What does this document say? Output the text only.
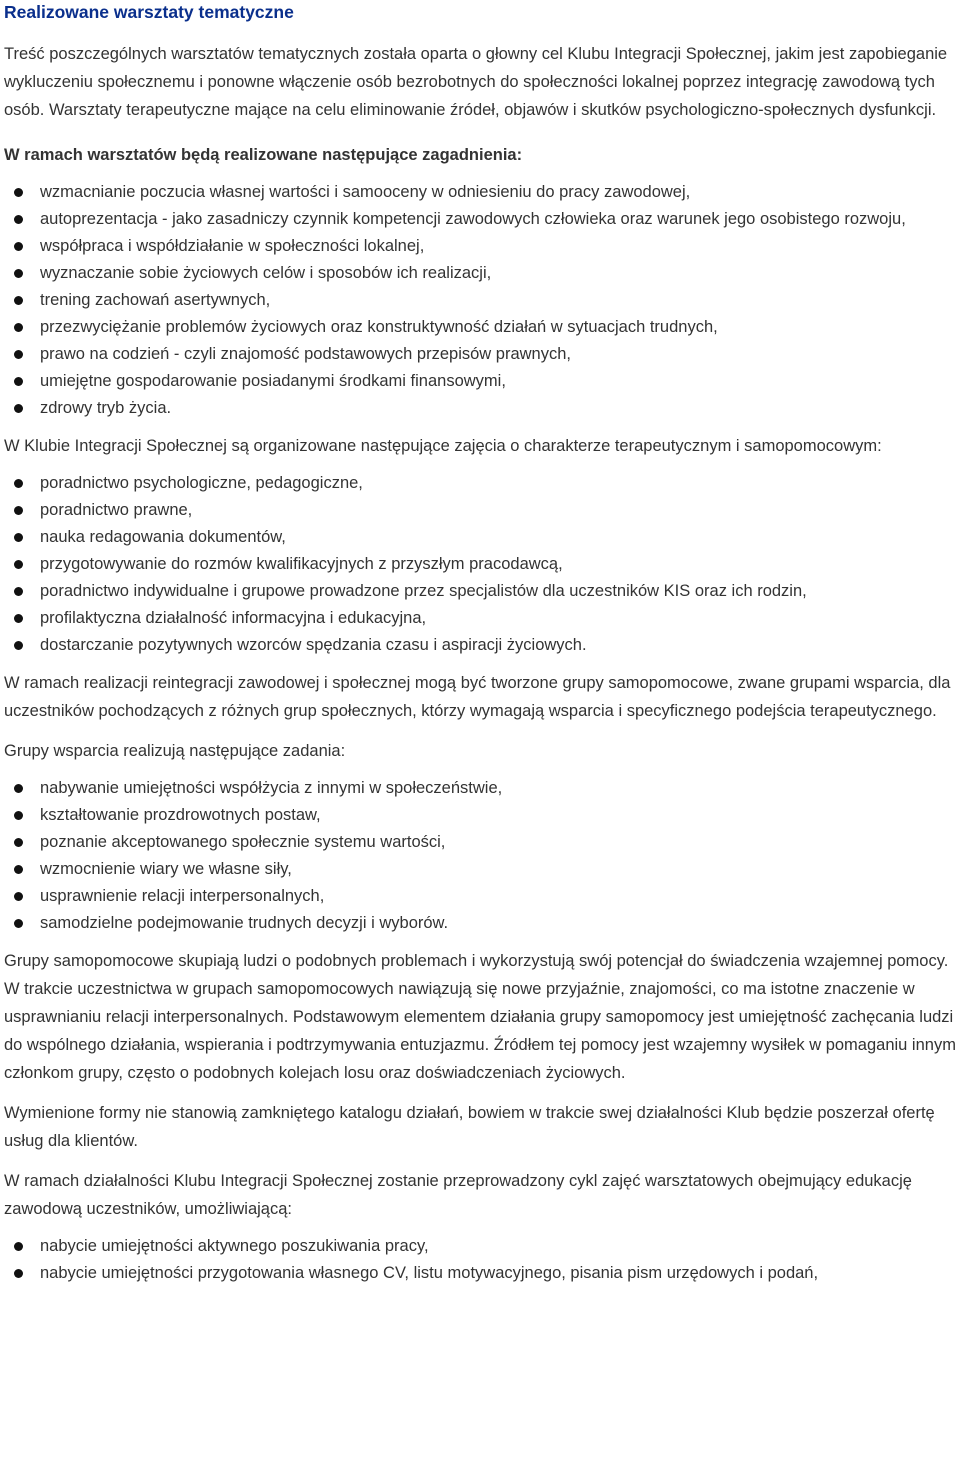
Realizowane warsztaty tematyczne

Treść poszczególnych warsztatów tematycznych została oparta o głowny cel Klubu Integracji Społecznej, jakim jest zapobieganie wykluczeniu społecznemu i ponowne włączenie osób bezrobotnych do społeczności lokalnej poprzez integrację zawodową tych osób. Warsztaty terapeutyczne mające na celu eliminowanie źródeł, objawów i skutków psychologiczno-społecznych dysfunkcji.

W ramach warsztatów będą realizowane następujące zagadnienia:

wzmacnianie poczucia własnej wartości i samooceny w odniesieniu do pracy zawodowej,
autoprezentacja - jako zasadniczy czynnik kompetencji zawodowych człowieka oraz warunek jego osobistego rozwoju,
współpraca i współdziałanie w społeczności lokalnej,
wyznaczanie sobie życiowych celów i sposobów ich realizacji,
trening zachowań asertywnych,
przezwyciężanie problemów życiowych oraz konstruktywność działań w sytuacjach trudnych,
prawo na codzień - czyli znajomość podstawowych przepisów prawnych,
umiejętne gospodarowanie posiadanymi środkami finansowymi,
zdrowy tryb życia.

W Klubie Integracji Społecznej są organizowane następujące zajęcia o charakterze terapeutycznym i samopomocowym:

poradnictwo psychologiczne, pedagogiczne,
poradnictwo prawne,
nauka redagowania dokumentów,
przygotowywanie do rozmów kwalifikacyjnych z przyszłym pracodawcą,
poradnictwo indywidualne i grupowe prowadzone przez specjalistów dla uczestników KIS oraz ich rodzin,
profilaktyczna działalność informacyjna i edukacyjna,
dostarczanie pozytywnych wzorców spędzania czasu i aspiracji życiowych.

W ramach realizacji reintegracji zawodowej i społecznej mogą być tworzone grupy samopomocowe, zwane grupami wsparcia, dla uczestników pochodzących z różnych grup społecznych, którzy wymagają wsparcia i specyficznego podejścia terapeutycznego.

Grupy wsparcia realizują następujące zadania:

nabywanie umiejętności współżycia z innymi w społeczeństwie,
kształtowanie prozdrowotnych postaw,
poznanie akceptowanego społecznie systemu wartości,
wzmocnienie wiary we własne siły,
usprawnienie relacji interpersonalnych,
samodzielne podejmowanie trudnych decyzji i wyborów.

Grupy samopomocowe skupiają ludzi o podobnych problemach i wykorzystują swój potencjał do świadczenia wzajemnej pomocy. W trakcie uczestnictwa w grupach samopomocowych nawiązują się nowe przyjaźnie, znajomości, co ma istotne znaczenie w usprawnianiu relacji interpersonalnych. Podstawowym elementem działania grupy samopomocy jest umiejętność zachęcania ludzi do wspólnego działania, wspierania i podtrzymywania entuzjazmu. Źródłem tej pomocy jest wzajemny wysiłek w pomaganiu innym członkom grupy, często o podobnych kolejach losu oraz doświadczeniach życiowych.

Wymienione formy nie stanowią zamkniętego katalogu działań, bowiem w trakcie swej działalności Klub będzie poszerzał ofertę usług dla klientów.

W ramach działalności Klubu Integracji Społecznej zostanie przeprowadzony cykl zajęć warsztatowych obejmujący edukację zawodową uczestników, umożliwiającą:

nabycie umiejętności aktywnego poszukiwania pracy,
nabycie umiejętności przygotowania własnego CV, listu motywacyjnego, pisania pism urzędowych i podań,
